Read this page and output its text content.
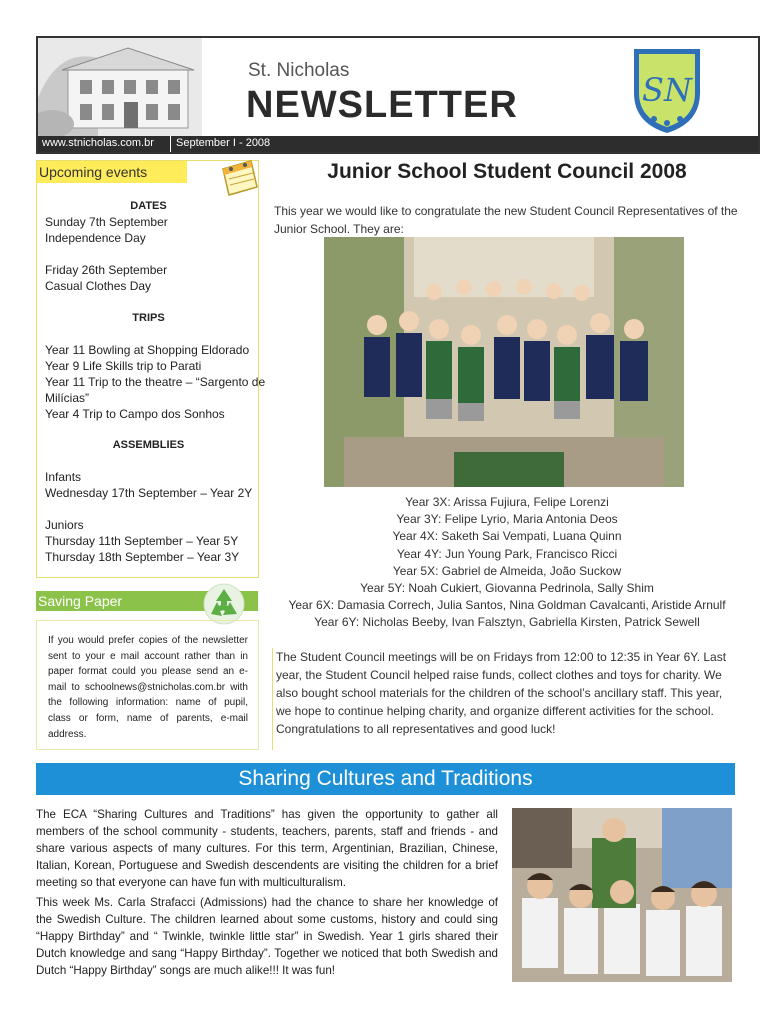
St. Nicholas
NEWSLETTER	SN
www.stnicholas.com.br September I - 2008
Upcoming events
DATES
Sunday 7th September
Independence Day
Friday 26th September
Casual Clothes Day
TRIPS
Year 11 Bowling at Shopping Eldorado
Year 9 Life Skills trip to Parati
Year 11 Trip to the theatre – “Sargento de
Milícias”
Year 4 Trip to Campo dos Sonhos
ASSEMBLIES
Infants
Wednesday 17th September – Year 2Y
Juniors
Thursday 11th September – Year 5Y
Thursday 18th September – Year 3Y
Saving Paper
If you would prefer copies of the newsletter sent to your e mail account rather than in paper format could you please send an e-mail to schoolnews@stnicholas.com.br with the following information: name of pupil, class or form, name of parents, e-mail address.
Junior School Student Council 2008
This year we would like to congratulate the new Student Council Representatives of the Junior School. They are:
Year 3X: Arissa Fujiura, Felipe Lorenzi
Year 3Y: Felipe Lyrio, Maria Antonia Deos
Year 4X: Saketh Sai Vempati, Luana Quinn
Year 4Y: Jun Young Park, Francisco Ricci
Year 5X: Gabriel de Almeida, João Suckow
Year 5Y: Noah Cukiert, Giovanna Pedrinola, Sally Shim
Year 6X: Damasia Correch, Julia Santos, Nina Goldman Cavalcanti, Aristide Arnulf
Year 6Y: Nicholas Beeby, Ivan Falsztyn, Gabriella Kirsten, Patrick Sewell
The Student Council meetings will be on Fridays from 12:00 to 12:35 in Year 6Y. Last year, the Student Council helped raise funds, collect clothes and toys for charity. We also bought school materials for the children of the school’s ancillary staff. This year, we hope to continue helping charity, and organize different activities for the school. Congratulations to all representatives and good luck!
Sharing Cultures and Traditions

The ECA “Sharing Cultures and Traditions” has given the opportunity to gather all members of the school community - students, teachers, parents, staff and friends - and share various aspects of many cultures. For this term, Argentinian, Brazilian, Chinese, Italian, Korean, Portuguese and Swedish descendents are visiting the children for a brief meeting so that everyone can have fun with multiculturalism.

This week Ms. Carla Strafacci (Admissions) had the chance to share her knowledge of the Swedish Culture. The children learned about some customs, history and could sing “Happy Birthday” and “ Twinkle, twinkle little star” in Swedish. Year 1 girls shared their Dutch knowledge and sang “Happy Birthday”. Together we noticed that both Swedish and Dutch “Happy Birthday” songs are much alike!!! It was fun!
